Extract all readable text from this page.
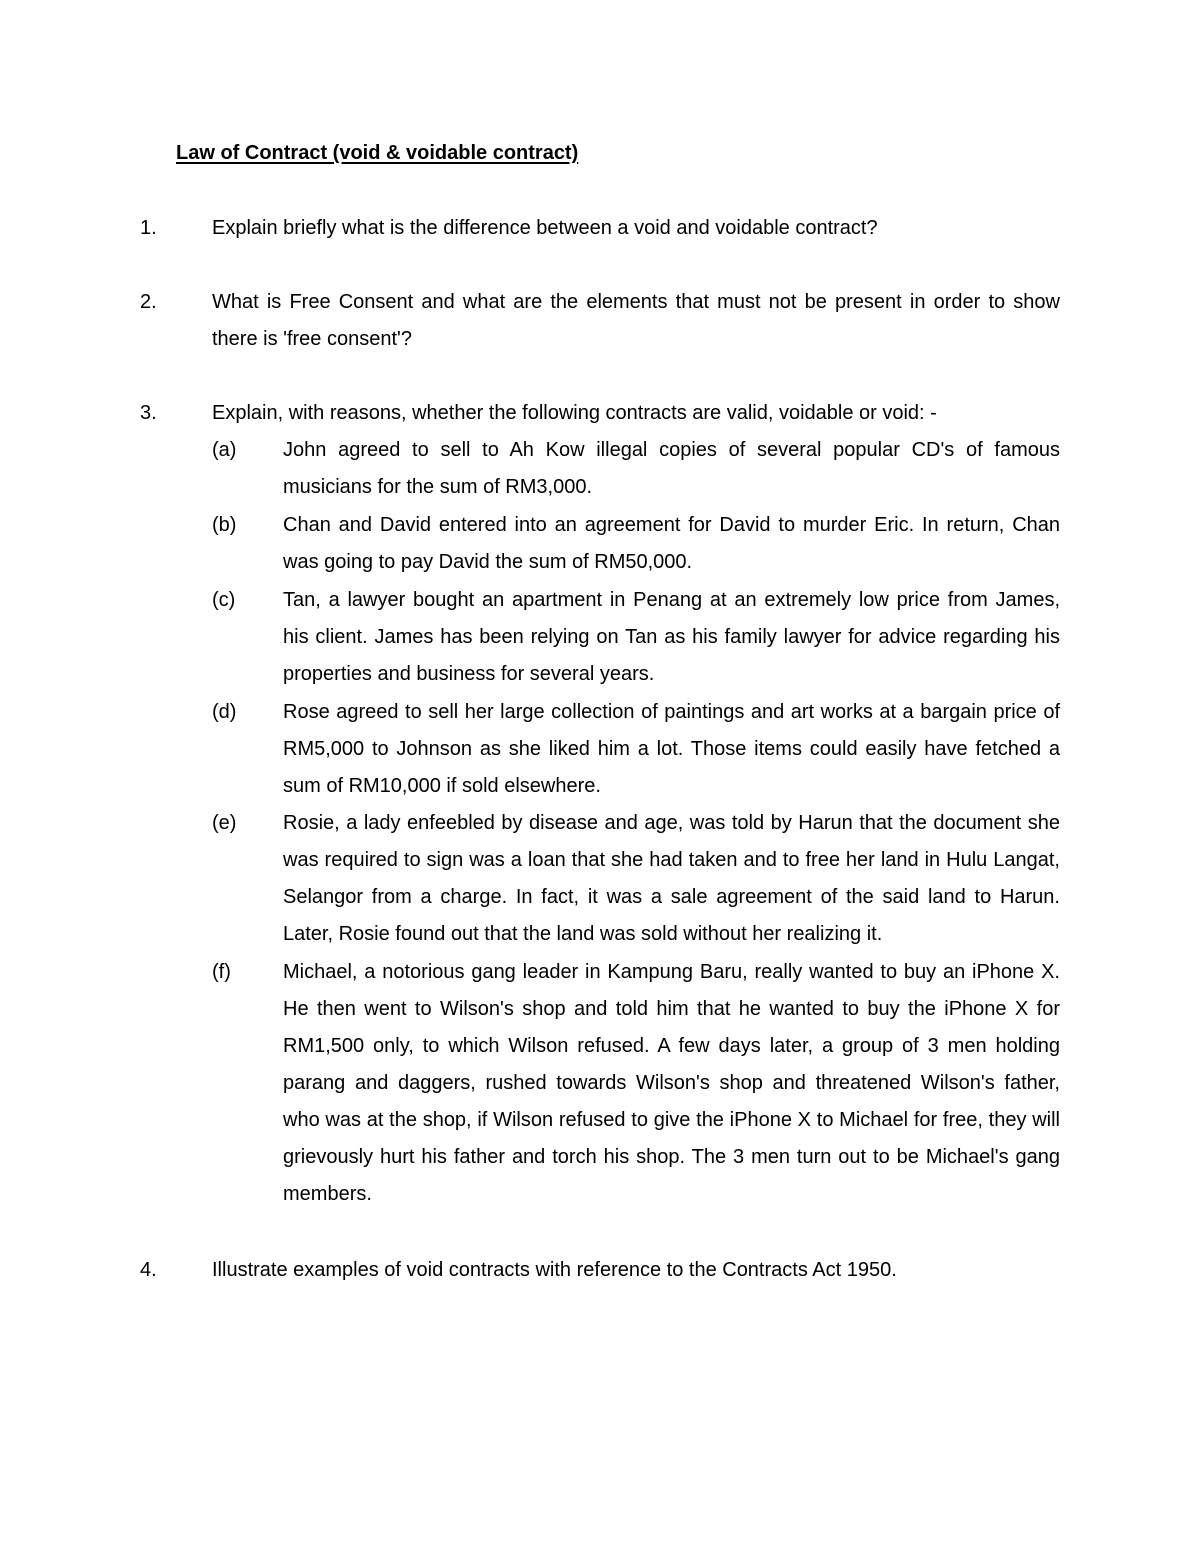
Law of Contract (void & voidable contract)
1.	Explain briefly what is the difference between a void and voidable contract?
2.	What is Free Consent and what are the elements that must not be present in order to show there is 'free consent'?
3.	Explain, with reasons, whether the following contracts are valid, voidable or void: -
(a) John agreed to sell to Ah Kow illegal copies of several popular CD's of famous musicians for the sum of RM3,000.
(b) Chan and David entered into an agreement for David to murder Eric. In return, Chan was going to pay David the sum of RM50,000.
(c) Tan, a lawyer bought an apartment in Penang at an extremely low price from James, his client. James has been relying on Tan as his family lawyer for advice regarding his properties and business for several years.
(d) Rose agreed to sell her large collection of paintings and art works at a bargain price of RM5,000 to Johnson as she liked him a lot. Those items could easily have fetched a sum of RM10,000 if sold elsewhere.
(e) Rosie, a lady enfeebled by disease and age, was told by Harun that the document she was required to sign was a loan that she had taken and to free her land in Hulu Langat, Selangor from a charge. In fact, it was a sale agreement of the said land to Harun. Later, Rosie found out that the land was sold without her realizing it.
(f)	Michael, a notorious gang leader in Kampung Baru, really wanted to buy an iPhone X. He then went to Wilson's shop and told him that he wanted to buy the iPhone X for RM1,500 only, to which Wilson refused. A few days later, a group of 3 men holding parang and daggers, rushed towards Wilson's shop and threatened Wilson's father, who was at the shop, if Wilson refused to give the iPhone X to Michael for free, they will grievously hurt his father and torch his shop. The 3 men turn out to be Michael's gang members.
4.	Illustrate examples of void contracts with reference to the Contracts Act 1950.
